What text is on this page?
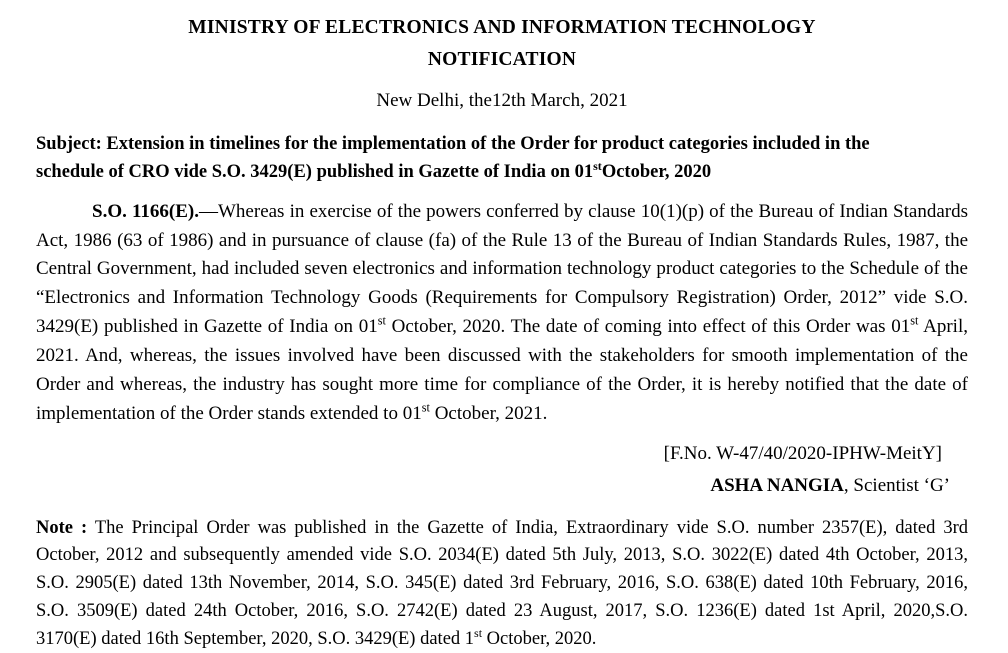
MINISTRY OF ELECTRONICS AND INFORMATION TECHNOLOGY
NOTIFICATION
New Delhi, the12th March, 2021
Subject: Extension in timelines for the implementation of the Order for product categories included in the
schedule of CRO vide S.O. 3429(E) published in Gazette of India on 01stOctober, 2020
S.O. 1166(E).—Whereas in exercise of the powers conferred by clause 10(1)(p) of the Bureau of Indian Standards Act, 1986 (63 of 1986) and in pursuance of clause (fa) of the Rule 13 of the Bureau of Indian Standards Rules, 1987, the Central Government, had included seven electronics and information technology product categories to the Schedule of the “Electronics and Information Technology Goods (Requirements for Compulsory Registration) Order, 2012” vide S.O. 3429(E) published in Gazette of India on 01st October, 2020. The date of coming into effect of this Order was 01st April, 2021. And, whereas, the issues involved have been discussed with the stakeholders for smooth implementation of the Order and whereas, the industry has sought more time for compliance of the Order, it is hereby notified that the date of implementation of the Order stands extended to 01st October, 2021.
[F.No. W-47/40/2020-IPHW-MeitY]
ASHA NANGIA, Scientist ‘G’
Note : The Principal Order was published in the Gazette of India, Extraordinary vide S.O. number 2357(E), dated 3rd October, 2012 and subsequently amended vide S.O. 2034(E) dated 5th July, 2013, S.O. 3022(E) dated 4th October, 2013, S.O. 2905(E) dated 13th November, 2014, S.O. 345(E) dated 3rd February, 2016, S.O. 638(E) dated 10th February, 2016, S.O. 3509(E) dated 24th October, 2016, S.O. 2742(E) dated 23 August, 2017, S.O. 1236(E) dated 1st April, 2020,S.O. 3170(E) dated 16th September, 2020, S.O. 3429(E) dated 1st October, 2020.
